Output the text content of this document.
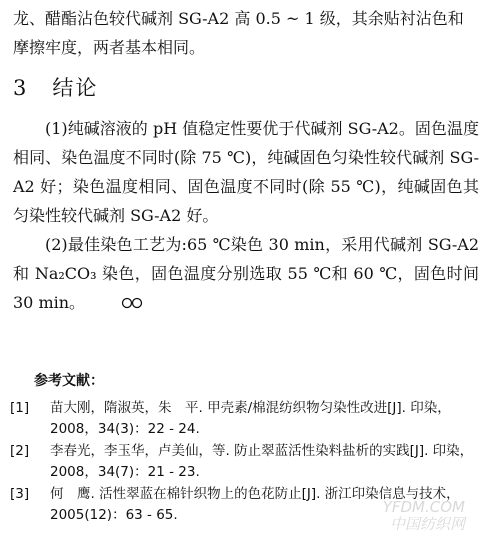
龙、醋酯沾色较代碱剂 SG-A2 高 0.5 ~ 1 级，其余贴衬沾色和摩擦牢度，两者基本相同。
3 结论

(1)纯碱溶液的 pH 值稳定性要优于代碱剂 SG-A2。固色温度相同、染色温度不同时(除 75 ℃)，纯碱固色匀染性较代碱剂 SG-A2 好；染色温度相同、固色温度不同时(除 55 ℃)，纯碱固色其匀染性较代碱剂 SG-A2 好。

(2)最佳染色工艺为:65 ℃染色 30 min，采用代碱剂 SG-A2 和 Na₂CO₃ 染色，固色温度分别选取 55 ℃和 60 ℃，固色时间 30 min。

参考文献：
[1]	苗大刚，隋淑英，朱　平. 甲壳素/棉混纺织物匀染性改进[J]. 印染，2008，34(3)：22 - 24.
[2]	李春光，李玉华，卢美仙，等. 防止翠蓝活性染料盐析的实践[J]. 印染，2008，34(7)：21 - 23.
[3]	何　鹰. 活性翠蓝在棉针织物上的色花防止[J]. 浙江印染信息与技术，2005(12)：63 - 65.	YFDM.COM
中国纺织网
